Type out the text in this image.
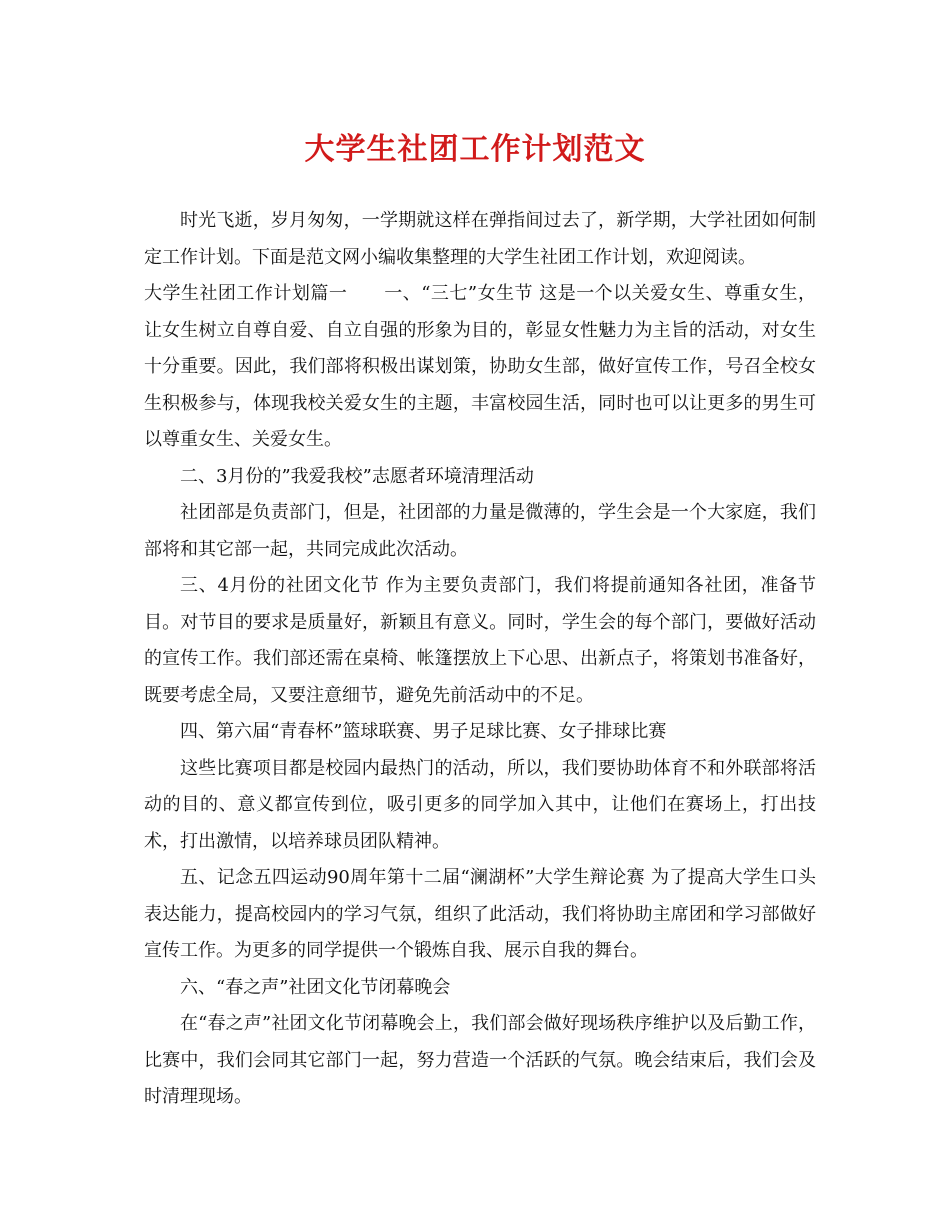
大学生社团工作计划范文

时光飞逝，岁月匆匆，一学期就这样在弹指间过去了，新学期，大学社团如何制定工作计划。下面是范文网小编收集整理的大学生社团工作计划，欢迎阅读。

大学生社团工作计划篇一　　一、“三七”女生节 这是一个以关爱女生、尊重女生，让女生树立自尊自爱、自立自强的形象为目的，彰显女性魅力为主旨的活动，对女生十分重要。因此，我们部将积极出谋划策，协助女生部，做好宣传工作，号召全校女生积极参与，体现我校关爱女生的主题，丰富校园生活，同时也可以让更多的男生可以尊重女生、关爱女生。

二、3月份的”我爱我校”志愿者环境清理活动

社团部是负责部门，但是，社团部的力量是微薄的，学生会是一个大家庭，我们部将和其它部一起，共同完成此次活动。

三、4月份的社团文化节 作为主要负责部门，我们将提前通知各社团，准备节目。对节目的要求是质量好，新颖且有意义。同时，学生会的每个部门，要做好活动的宣传工作。我们部还需在桌椅、帐篷摆放上下心思、出新点子，将策划书准备好，既要考虑全局，又要注意细节，避免先前活动中的不足。

四、第六届“青春杯”篮球联赛、男子足球比赛、女子排球比赛

这些比赛项目都是校园内最热门的活动，所以，我们要协助体育不和外联部将活动的目的、意义都宣传到位，吸引更多的同学加入其中，让他们在赛场上，打出技术，打出激情，以培养球员团队精神。

五、记念五四运动90周年第十二届“澜湖杯”大学生辩论赛 为了提高大学生口头表达能力，提高校园内的学习气氛，组织了此活动，我们将协助主席团和学习部做好宣传工作。为更多的同学提供一个锻炼自我、展示自我的舞台。

六、“春之声”社团文化节闭幕晚会

在“春之声”社团文化节闭幕晚会上，我们部会做好现场秩序维护以及后勤工作，比赛中，我们会同其它部门一起，努力营造一个活跃的气氛。晚会结束后，我们会及时清理现场。
